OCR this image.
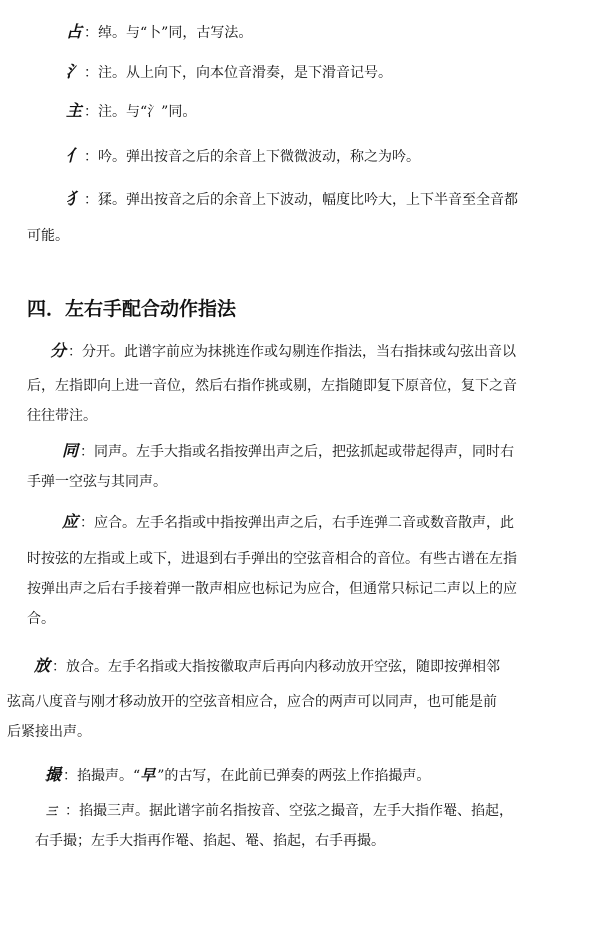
占 ：绰。与“卜”同，古写法。
氵 ：注。从上向下，向本位音滑奏，是下滑音记号。
主 ：注。与“氵”同。
亻 ：吟。弹出按音之后的余音上下微微波动，称之为吟。
犭 ：猱。弹出按音之后的余音上下波动，幅度比吟大，上下半音至全音都
可能。
四．左右手配合动作指法
分 ：分开。此谱字前应为抹挑连作或勾剔连作指法，当右指抹或勾弦出音以
后，左指即向上进一音位，然后右指作挑或剔，左指随即复下原音位，复下之音
往往带注。
同 ：同声。左手大指或名指按弹出声之后，把弦抓起或带起得声，同时右
手弹一空弦与其同声。
应 ：应合。左手名指或中指按弹出声之后，右手连弹二音或数音散声，此
时按弦的左指或上或下，进退到右手弹出的空弦音相合的音位。有些古谱在左指
按弹出声之后右手接着弹一散声相应也标记为应合，但通常只标记二声以上的应
合。
放 ：放合。左手名指或大指按徽取声后再向内移动放开空弦，随即按弹相邻
弦高八度音与刚才移动放开的空弦音相应合，应合的两声可以同声，也可能是前
后紧接出声。
撮 ：掐撮声。“早 ”的古写，在此前已弹奏的两弦上作掐撮声。
三 ：掐撮三声。据此谱字前名指按音、空弦之撮音，左手大指作罨、掐起，
右手撮；左手大指再作罨、掐起、罨、掐起，右手再撮。
